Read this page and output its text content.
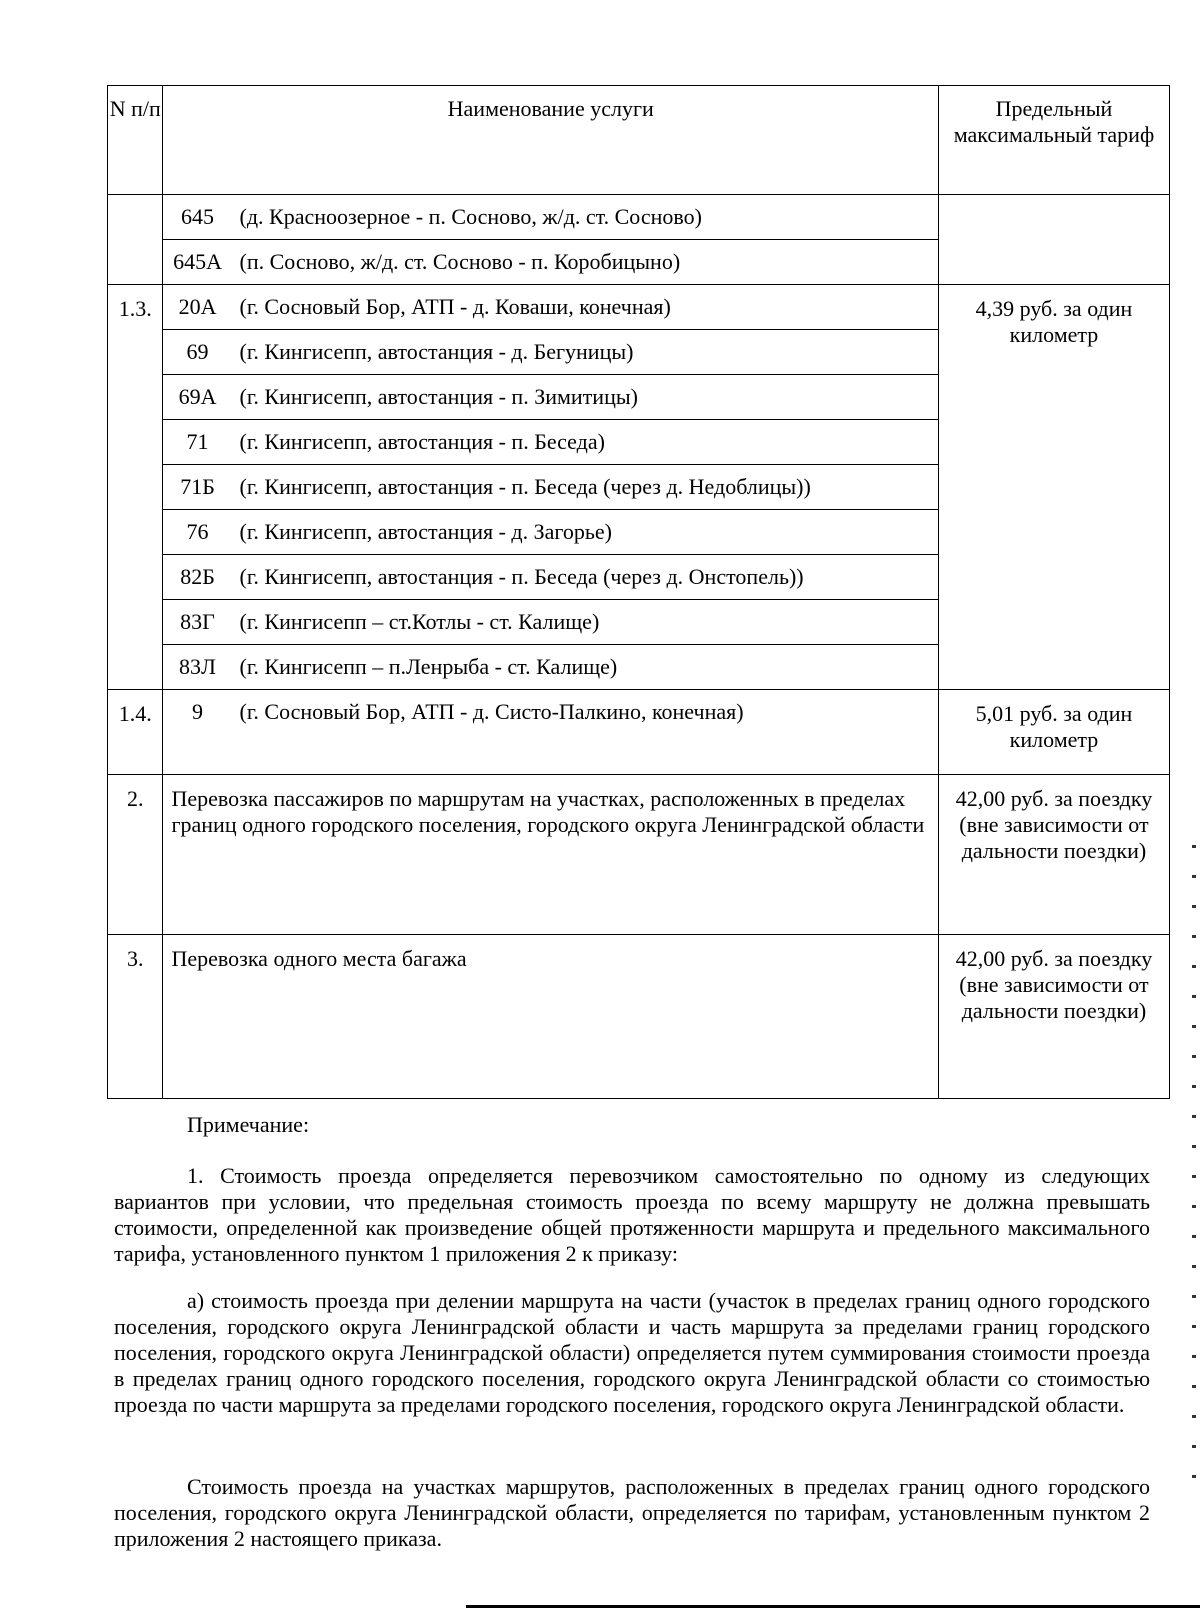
N п/п	Наименование услуги		Предельный максимальный тариф
	645	(д. Красноозерное - п. Сосново, ж/д. ст. Сосново)	
	645А	(п. Сосново, ж/д. ст. Сосново - п. Коробицыно)	
1.3.	20А	(г. Сосновый Бор, АТП - д. Коваши, конечная)	4,39 руб. за один километр
	69	(г. Кингисепп, автостанция - д. Бегуницы)	
	69А	(г. Кингисепп, автостанция - п. Зимитицы)	
	71	(г. Кингисепп, автостанция - п. Беседа)	
	71Б	(г. Кингисепп, автостанция - п. Беседа (через д. Недоблицы))	
	76	(г. Кингисепп, автостанция - д. Загорье)	
	82Б	(г. Кингисепп, автостанция - п. Беседа (через д. Онстопель))	
	83Г	(г. Кингисепп – ст.Котлы - ст. Калище)	
	83Л	(г. Кингисепп – п.Ленрыба - ст. Калище)	
1.4.	9	(г. Сосновый Бор, АТП - д. Систо-Палкино, конечная)	5,01 руб. за один километр
2.	Перевозка пассажиров по маршрутам на участках, расположенных в пределах границ одного городского поселения, городского округа Ленинградской области		42,00 руб. за поездку (вне зависимости от дальности поездки)
3.	Перевозка одного места багажа		42,00 руб. за поездку (вне зависимости от дальности поездки)
Примечание:

1. Стоимость проезда определяется перевозчиком самостоятельно по одному из следующих вариантов при условии, что предельная стоимость проезда по всему маршруту не должна превышать стоимости, определенной как произведение общей протяженности маршрута и предельного максимального тарифа, установленного пунктом 1 приложения 2 к приказу:

а) стоимость проезда при делении маршрута на части (участок в пределах границ одного городского поселения, городского округа Ленинградской области и часть маршрута за пределами границ городского поселения, городского округа Ленинградской области) определяется путем суммирования стоимости проезда в пределах границ одного городского поселения, городского округа Ленинградской области со стоимостью проезда по части маршрута за пределами городского поселения, городского округа Ленинградской области.

Стоимость проезда на участках маршрутов, расположенных в пределах границ одного городского поселения, городского округа Ленинградской области, определяется по тарифам, установленным пунктом 2 приложения 2 настоящего приказа.
